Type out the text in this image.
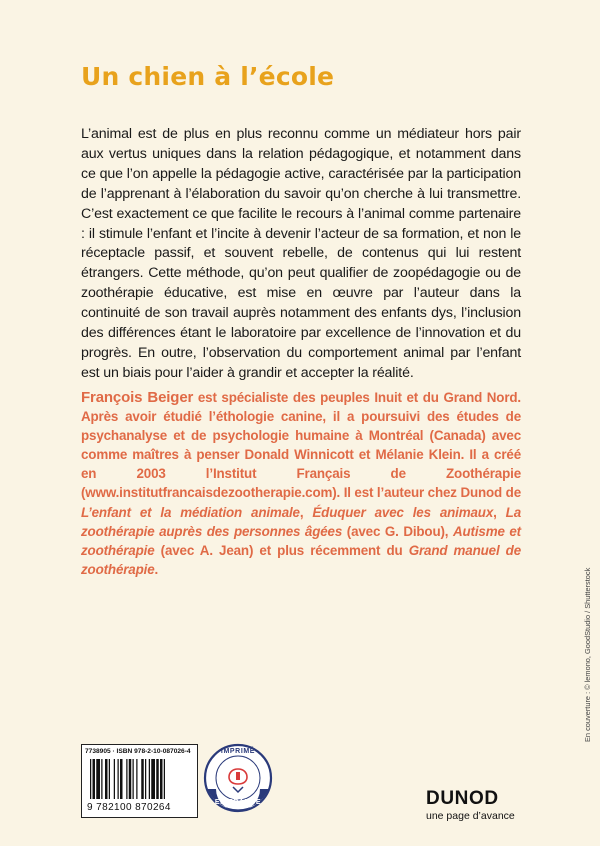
Un chien à l’école
L’animal est de plus en plus reconnu comme un médiateur hors pair aux vertus uniques dans la relation pédagogique, et notamment dans ce que l’on appelle la pédagogie active, caractérisée par la participation de l’apprenant à l’élaboration du savoir qu’on cherche à lui transmettre. C’est exactement ce que facilite le recours à l’animal comme partenaire : il stimule l’enfant et l’incite à devenir l’acteur de sa formation, et non le réceptacle passif, et souvent rebelle, de contenus qui lui restent étrangers. Cette méthode, qu’on peut qualifier de zoopédagogie ou de zoothérapie éducative, est mise en œuvre par l’auteur dans la continuité de son travail auprès notamment des enfants dys, l’inclusion des différences étant le laboratoire par excellence de l’innovation et du progrès. En outre, l’observation du comportement animal par l’enfant est un biais pour l’aider à grandir et accepter la réalité.
François Beiger est spécialiste des peuples Inuit et du Grand Nord. Après avoir étudié l’éthologie canine, il a poursuivi des études de psychanalyse et de psychologie humaine à Montréal (Canada) avec comme maîtres à penser Donald Winnicott et Mélanie Klein. Il a créé en 2003 l’Institut Français de Zoothérapie (www.institutfrancaisdezootherapie.com). Il est l’auteur chez Dunod de L’enfant et la médiation animale, Éduquer avec les animaux, La zoothérapie auprès des personnes âgées (avec G. Dibou), Autisme et zoothérapie (avec A. Jean) et plus récemment du Grand manuel de zoothérapie.	En couverture : © lemono, GoodStudio / Shutterstock
7738905 · ISBN 978-2-10-087026-4
9 782100 870264
IMPRIMÉ
EN FRANCE	DUNOD
une page d’avance
